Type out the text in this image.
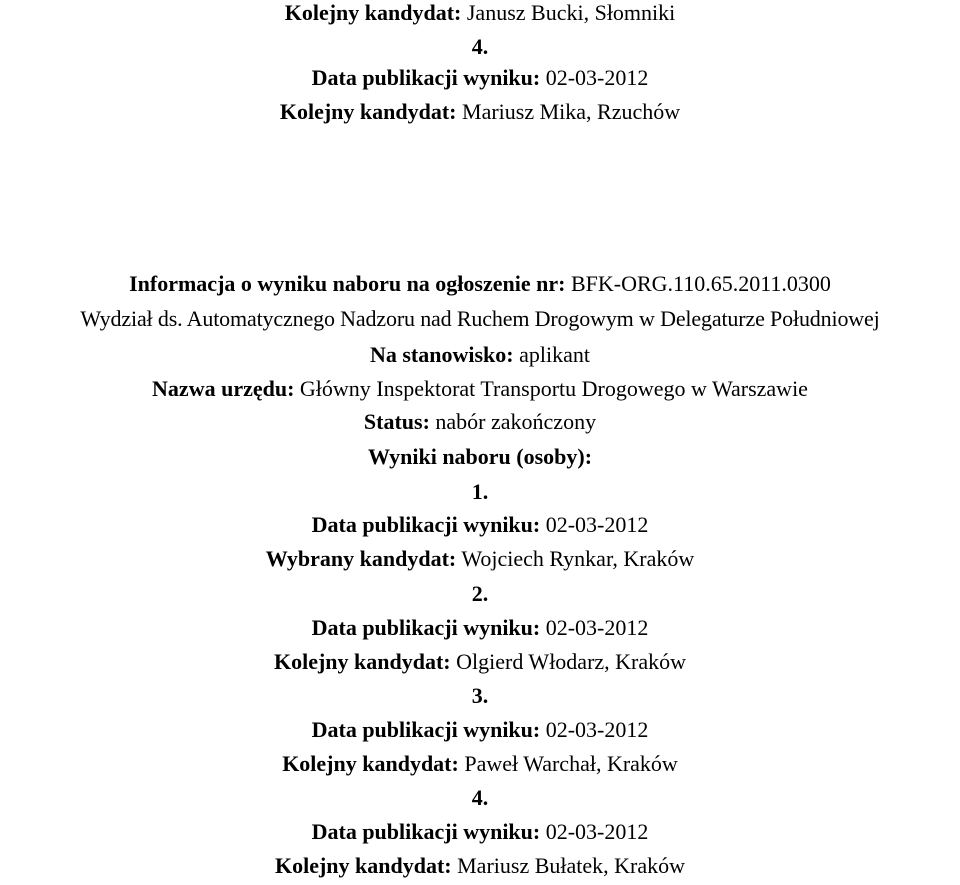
Kolejny kandydat: Janusz Bucki, Słomniki
4.
Data publikacji wyniku: 02-03-2012
Kolejny kandydat: Mariusz Mika, Rzuchów
Informacja o wyniku naboru na ogłoszenie nr: BFK-ORG.110.65.2011.0300
Wydział ds. Automatycznego Nadzoru nad Ruchem Drogowym w Delegaturze Południowej
Na stanowisko: aplikant
Nazwa urzędu: Główny Inspektorat Transportu Drogowego w Warszawie
Status: nabór zakończony
Wyniki naboru (osoby):
1.
Data publikacji wyniku: 02-03-2012
Wybrany kandydat: Wojciech Rynkar, Kraków
2.
Data publikacji wyniku: 02-03-2012
Kolejny kandydat: Olgierd Włodarz, Kraków
3.
Data publikacji wyniku: 02-03-2012
Kolejny kandydat: Paweł Warchał, Kraków
4.
Data publikacji wyniku: 02-03-2012
Kolejny kandydat: Mariusz Bułatek, Kraków
